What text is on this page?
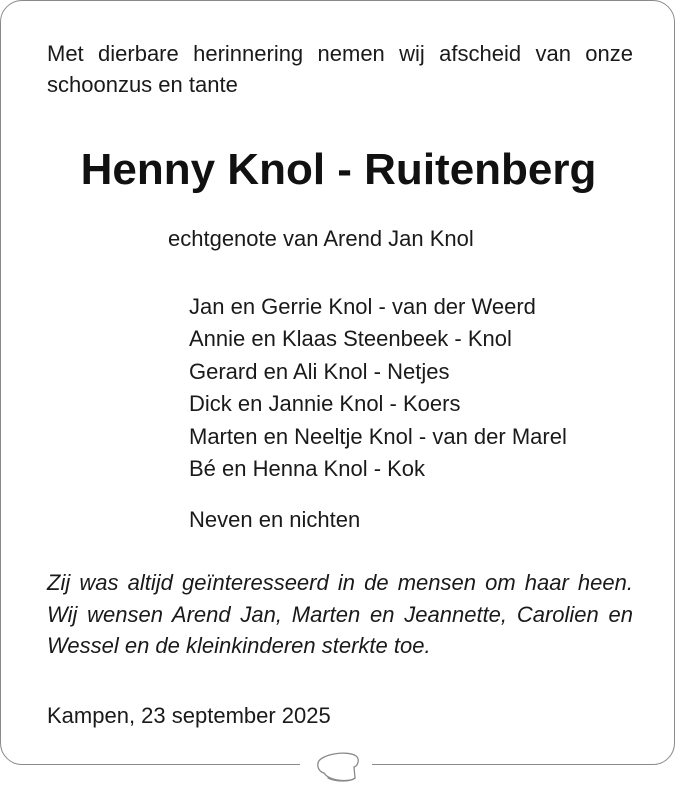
Met dierbare herinnering nemen wij afscheid van onze schoonzus en tante

Henny Knol - Ruitenberg

echtgenote van Arend Jan Knol

Jan en Gerrie Knol - van der Weerd
Annie en Klaas Steenbeek - Knol
Gerard en Ali Knol - Netjes
Dick en Jannie Knol - Koers
Marten en Neeltje Knol - van der Marel
Bé en Henna Knol - Kok

Neven en nichten

Zij was altijd geïnteresseerd in de mensen om haar heen. Wij wensen Arend Jan, Marten en Jeannette, Carolien en Wessel en de kleinkinderen sterkte toe.

Kampen, 23 september 2025
